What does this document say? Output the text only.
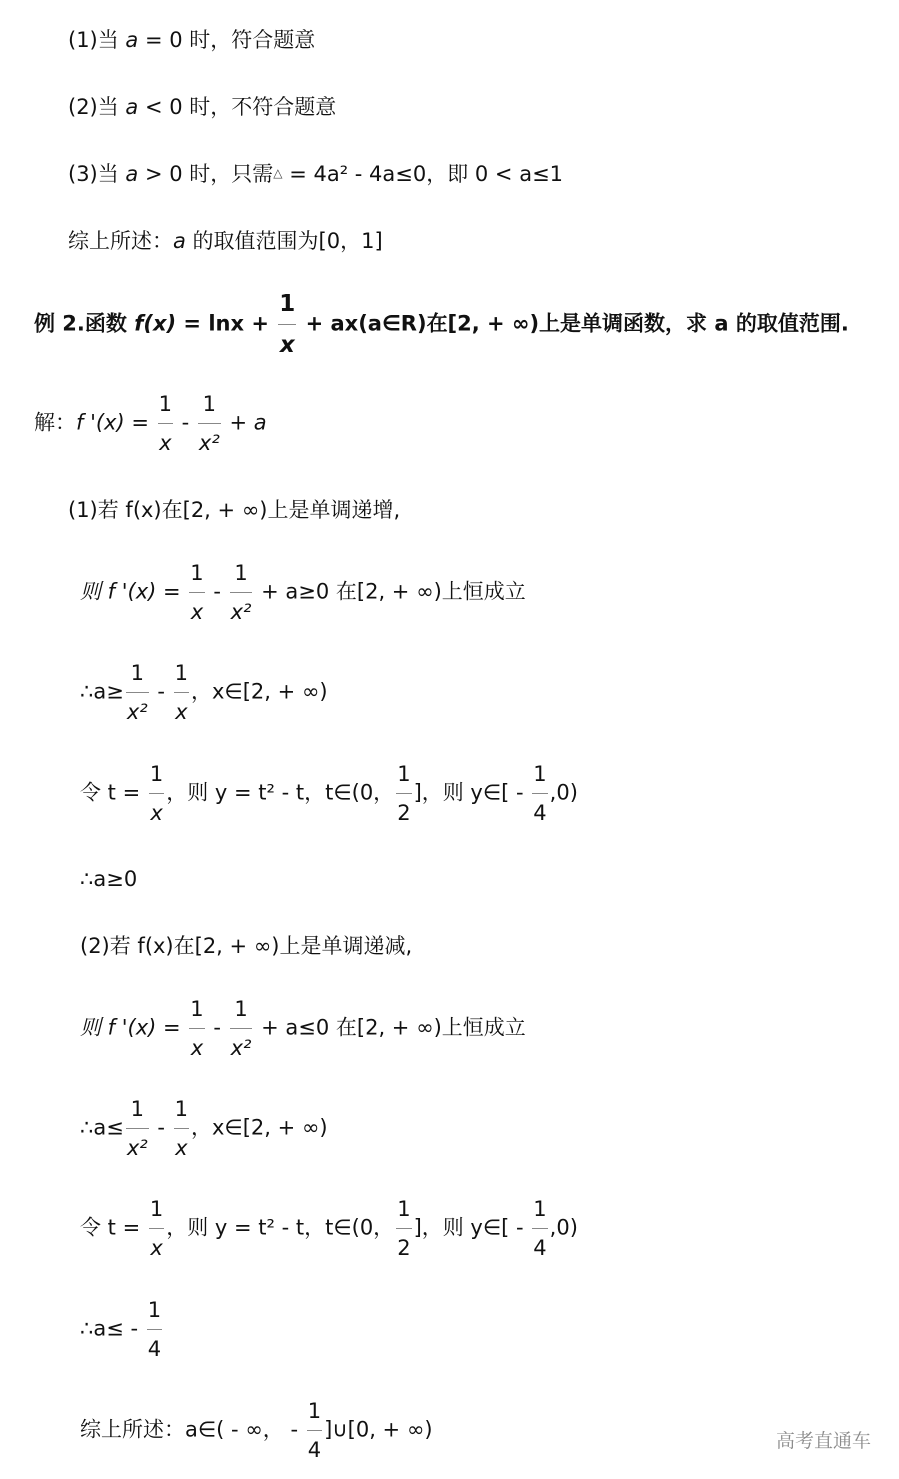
(1)当 a = 0 时，符合题意
(2)当 a < 0 时，不符合题意
(3)当 a > 0 时，只需△ = 4a² - 4a≤0，即 0 < a≤1
综上所述：a 的取值范围为[0，1]
例 2.函数 $f(x) = \ln x + \frac{1}{x}$ + ax(a∈R)在[2, + ∞)上是单调函数，求 a 的取值范围.
解：f '$(x) = \frac{1}{x} - \frac{1}{\text{x²}} + a$
(1)若 f(x)在[2, + ∞)上是单调递增,
则 f '$(x) = \frac{1}{x} - \frac{1}{\text{x²}} + a\ge 0$ 在[2, + ∞)上恒成立
∴a≥ $\frac{1}{\text{x²}} - \frac{1}{x}$ ，x∈[2, + ∞)
令 $t = \frac{1}{x}$ ，则 y = t² - t，t∈(0， $\frac{1}{2}$ ]，则 y∈[ - $\frac{1}{4} ,0$)
∴a≥0
(2)若 f(x)在[2, + ∞)上是单调递减,
则 f '$(x) = \frac{1}{x} - \frac{1}{\text{x²}} + a\le 0$ 在[2, + ∞)上恒成立
∴a≤ $\frac{1}{\text{x²}} - \frac{1}{x}$ ，x∈[2, + ∞)
令 $t = \frac{1}{x}$ ，则 y = t² - t，t∈(0， $\frac{1}{2}$ ]，则 y∈[ - $\frac{1}{4} ,0$)
∴a≤ - $\frac{1}{4}$
综上所述：a∈( - ∞， - $\frac{1}{4}$ ]∪[0, + ∞)	高考直通车
